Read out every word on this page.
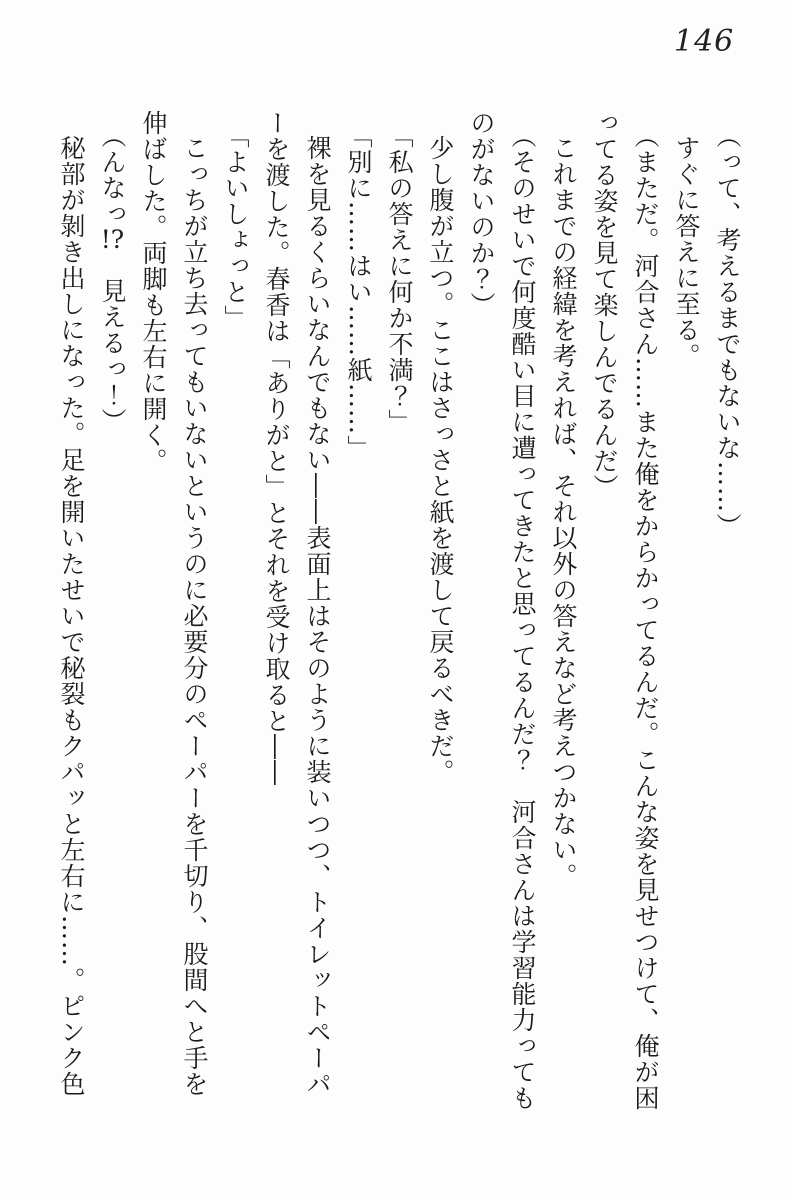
146

（って、考えるまでもないな……）

すぐに答えに至る。

（まただ。河合さん……また俺をからかってるんだ。こんな姿を見せつけて、俺が困

ってる姿を見て楽しんでるんだ）

これまでの経緯を考えれば、それ以外の答えなど考えつかない。

（そのせいで何度酷い目に遭ってきたと思ってるんだ？　河合さんは学習能力っても

のがないのか？）

少し腹が立つ。ここはさっさと紙を渡して戻るべきだ。

「私の答えに何か不満？」

「別に……はい……紙……」

裸を見るくらいなんでもない――表面上はそのように装いつつ、トイレットペーパ

ーを渡した。春香は「ありがと」とそれを受け取ると――

「よいしょっと」

こっちが立ち去ってもいないというのに必要分のペーパーを千切り、股間へと手を

伸ばした。両脚も左右に開く。

（んなっ!?　見えるっ！）

秘部が剝き出しになった。足を開いたせいで秘裂もクパッと左右に……。ピンク色
